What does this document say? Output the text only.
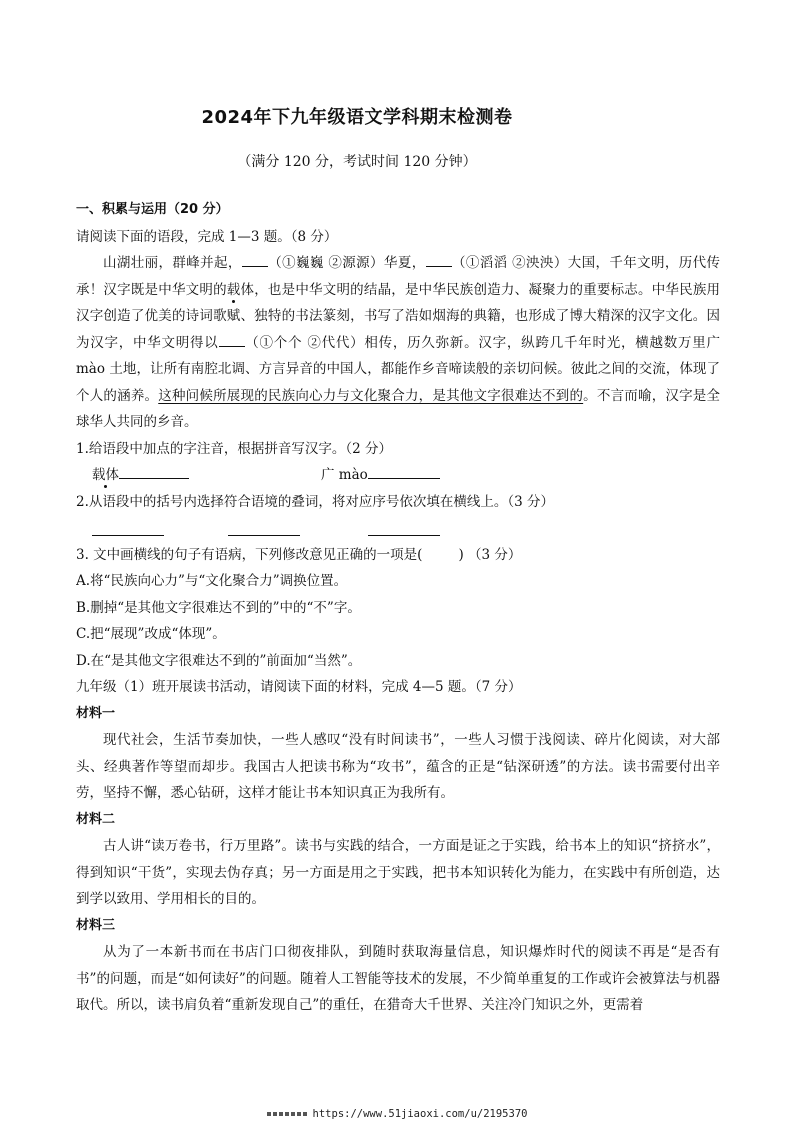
2024年下九年级语文学科期末检测卷
（满分 120 分，考试时间 120 分钟）
一、积累与运用（20 分）
请阅读下面的语段，完成 1—3 题。（8 分）

山湖壮丽，群峰并起， （①巍巍 ②源源）华夏， （①滔滔 ②泱泱）大国，千年文明，历代传承！汉字既是中华文明的载体，也是中华文明的结晶，是中华民族创造力、凝聚力的重要标志。中华民族用汉字创造了优美的诗词歌赋、独特的书法篆刻，书写了浩如烟海的典籍，也形成了博大精深的汉字文化。因为汉字，中华文明得以 （①个个 ②代代）相传，历久弥新。汉字，纵跨几千年时光，横越数万里广 mào 土地，让所有南腔北调、方言异音的中国人，都能作乡音啼读般的亲切问候。彼此之间的交流，体现了个人的涵养。这种问候所展现的民族向心力与文化聚合力，是其他文字很难达不到的。不言而喻，汉字是全球华人共同的乡音。

1.给语段中加点的字注音，根据拼音写汉字。（2 分）
载体	广 mào
2.从语段中的括号内选择符合语境的叠词，将对应序号依次填在横线上。（3 分）
3. 文中画横线的句子有语病，下列修改意见正确的一项是(	) （3 分）
A.将“民族向心力”与“文化聚合力”调换位置。
B.删掉“是其他文字很难达不到的”中的“不”字。
C.把“展现”改成“体现”。
D.在“是其他文字很难达不到的”前面加“当然”。
九年级（1）班开展读书活动，请阅读下面的材料，完成 4—5 题。（7 分）
材料一

现代社会，生活节奏加快，一些人感叹“没有时间读书”，一些人习惯于浅阅读、碎片化阅读，对大部头、经典著作等望而却步。我国古人把读书称为“攻书”，蕴含的正是“钻深研透”的方法。读书需要付出辛劳，坚持不懈，悉心钻研，这样才能让书本知识真正为我所有。

材料二

古人讲“读万卷书，行万里路”。读书与实践的结合，一方面是证之于实践，给书本上的知识“挤挤水”，得到知识“干货”，实现去伪存真；另一方面是用之于实践，把书本知识转化为能力，在实践中有所创造，达到学以致用、学用相长的目的。

材料三

从为了一本新书而在书店门口彻夜排队，到随时获取海量信息，知识爆炸时代的阅读不再是“是否有书”的问题，而是“如何读好”的问题。随着人工智能等技术的发展，不少简单重复的工作或许会被算法与机器取代。所以，读书肩负着“重新发现自己”的重任，在猎奇大千世界、关注冷门知识之外，更需着

https://www.51jiaoxi.com/u/2195370
